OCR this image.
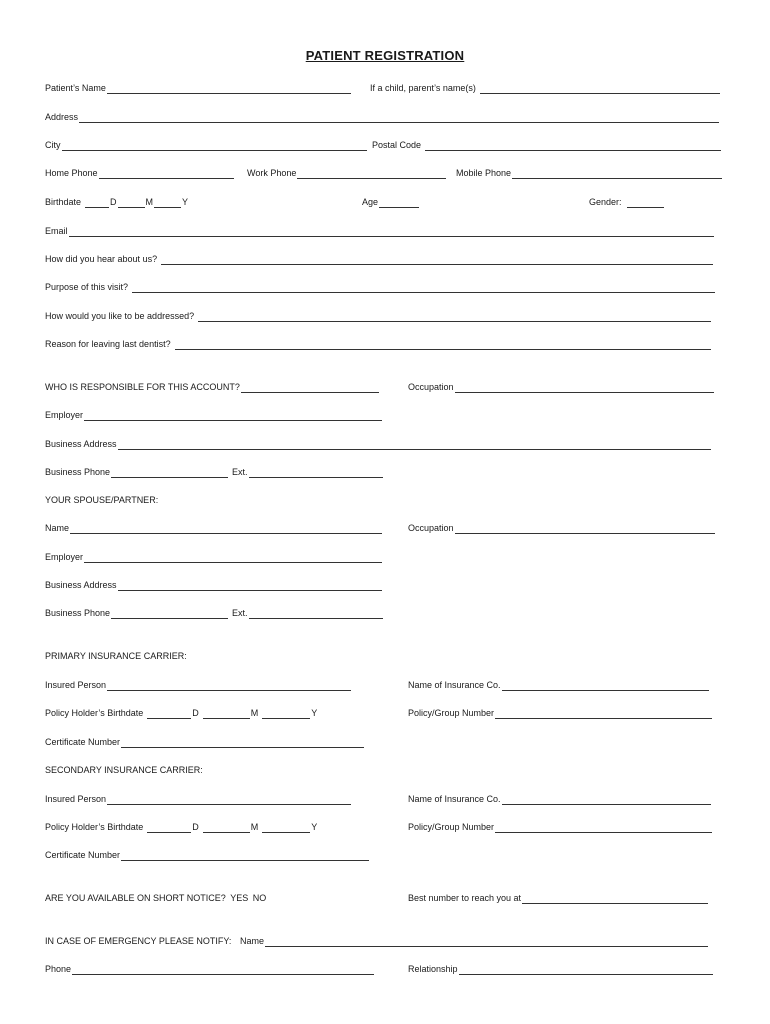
PATIENT REGISTRATION
Patient’s Name	If a child, parent’s name(s)
Address
City	Postal Code
Home Phone	Work Phone	Mobile Phone
Birthdate	D	M	Y	Age	Gender:
Email
How did you hear about us?
Purpose of this visit?
How would you like to be addressed?
Reason for leaving last dentist?
WHO IS RESPONSIBLE FOR THIS ACCOUNT?	Occupation
Employer
Business Address
Business Phone	Ext.
YOUR SPOUSE/PARTNER:
Name	Occupation
Employer
Business Address
Business Phone	Ext.
PRIMARY INSURANCE CARRIER:
Insured Person	Name of Insurance Co.
Policy Holder’s Birthdate	D	M	Y	Policy/Group Number
Certificate Number
SECONDARY INSURANCE CARRIER:
Insured Person	Name of Insurance Co.
Policy Holder’s Birthdate	D	M	Y	Policy/Group Number
Certificate Number
ARE YOU AVAILABLE ON SHORT NOTICE? YES NO	Best number to reach you at
IN CASE OF EMERGENCY PLEASE NOTIFY: Name
Phone	Relationship
